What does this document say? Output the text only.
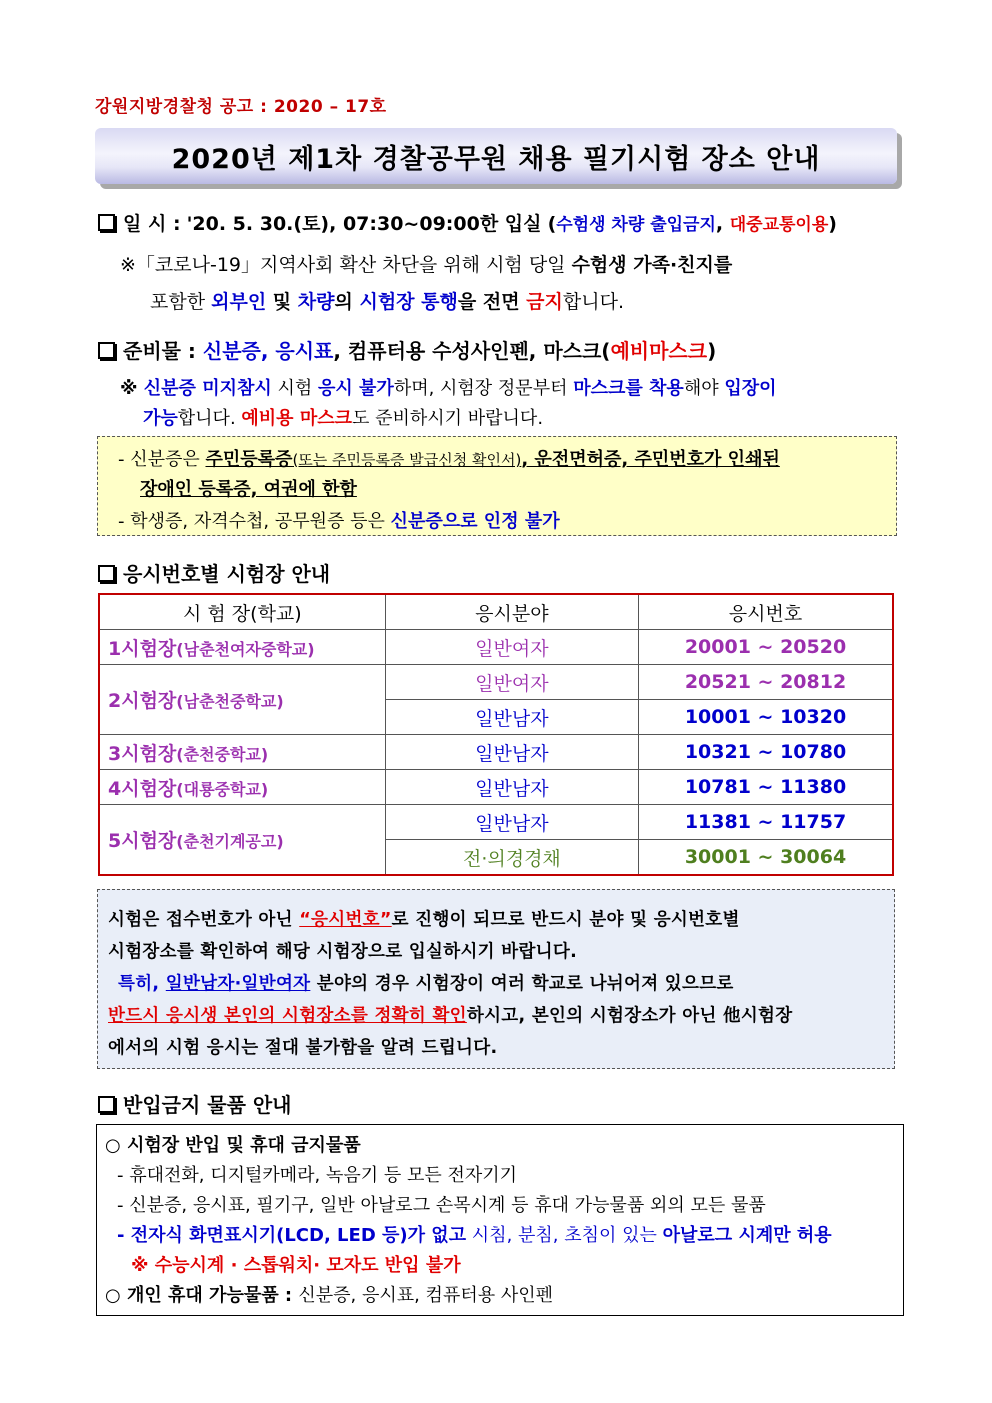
강원지방경찰청 공고 : 2020 – 17호
2020년 제1차 경찰공무원 채용 필기시험 장소 안내
일 시 : '20. 5. 30.(토), 07:30~09:00한 입실 (수험생 차량 출입금지, 대중교통이용)
※「코로나-19」지역사회 확산 차단을 위해 시험 당일 수험생 가족·친지를
포함한 외부인 및 차량의 시험장 통행을 전면 금지합니다.
준비물 : 신분증, 응시표, 컴퓨터용 수성사인펜, 마스크(예비마스크)
※ 신분증 미지참시 시험 응시 불가하며, 시험장 정문부터 마스크를 착용해야 입장이
가능합니다. 예비용 마스크도 준비하시기 바랍니다.
- 신분증은 주민등록증(또는 주민등록증 발급신청 확인서), 운전면허증, 주민번호가 인쇄된
장애인 등록증, 여권에 한함
- 학생증, 자격수첩, 공무원증 등은 신분증으로 인정 불가
응시번호별 시험장 안내
시 험 장(학교)	응시분야	응시번호
1시험장(남춘천여자중학교)	일반여자	20001 ~ 20520
2시험장(남춘천중학교)	일반여자	20521 ~ 20812
	일반남자	10001 ~ 10320
3시험장(춘천중학교)	일반남자	10321 ~ 10780
4시험장(대룡중학교)	일반남자	10781 ~ 11380
5시험장(춘천기계공고)	일반남자	11381 ~ 11757
	전·의경경채	30001 ~ 30064
시험은 접수번호가 아닌 “응시번호”로 진행이 되므로 반드시 분야 및 응시번호별
시험장소를 확인하여 해당 시험장으로 입실하시기 바랍니다.
특히, 일반남자·일반여자 분야의 경우 시험장이 여러 학교로 나뉘어져 있으므로
반드시 응시생 본인의 시험장소를 정확히 확인하시고, 본인의 시험장소가 아닌 他시험장
에서의 시험 응시는 절대 불가함을 알려 드립니다.
반입금지 물품 안내
○ 시험장 반입 및 휴대 금지물품
- 휴대전화, 디지털카메라, 녹음기 등 모든 전자기기
- 신분증, 응시표, 필기구, 일반 아날로그 손목시계 등 휴대 가능물품 외의 모든 물품
- 전자식 화면표시기(LCD, LED 등)가 없고 시침, 분침, 초침이 있는 아날로그 시계만 허용
※ 수능시계 · 스톱워치· 모자도 반입 불가
○ 개인 휴대 가능물품 : 신분증, 응시표, 컴퓨터용 사인펜
